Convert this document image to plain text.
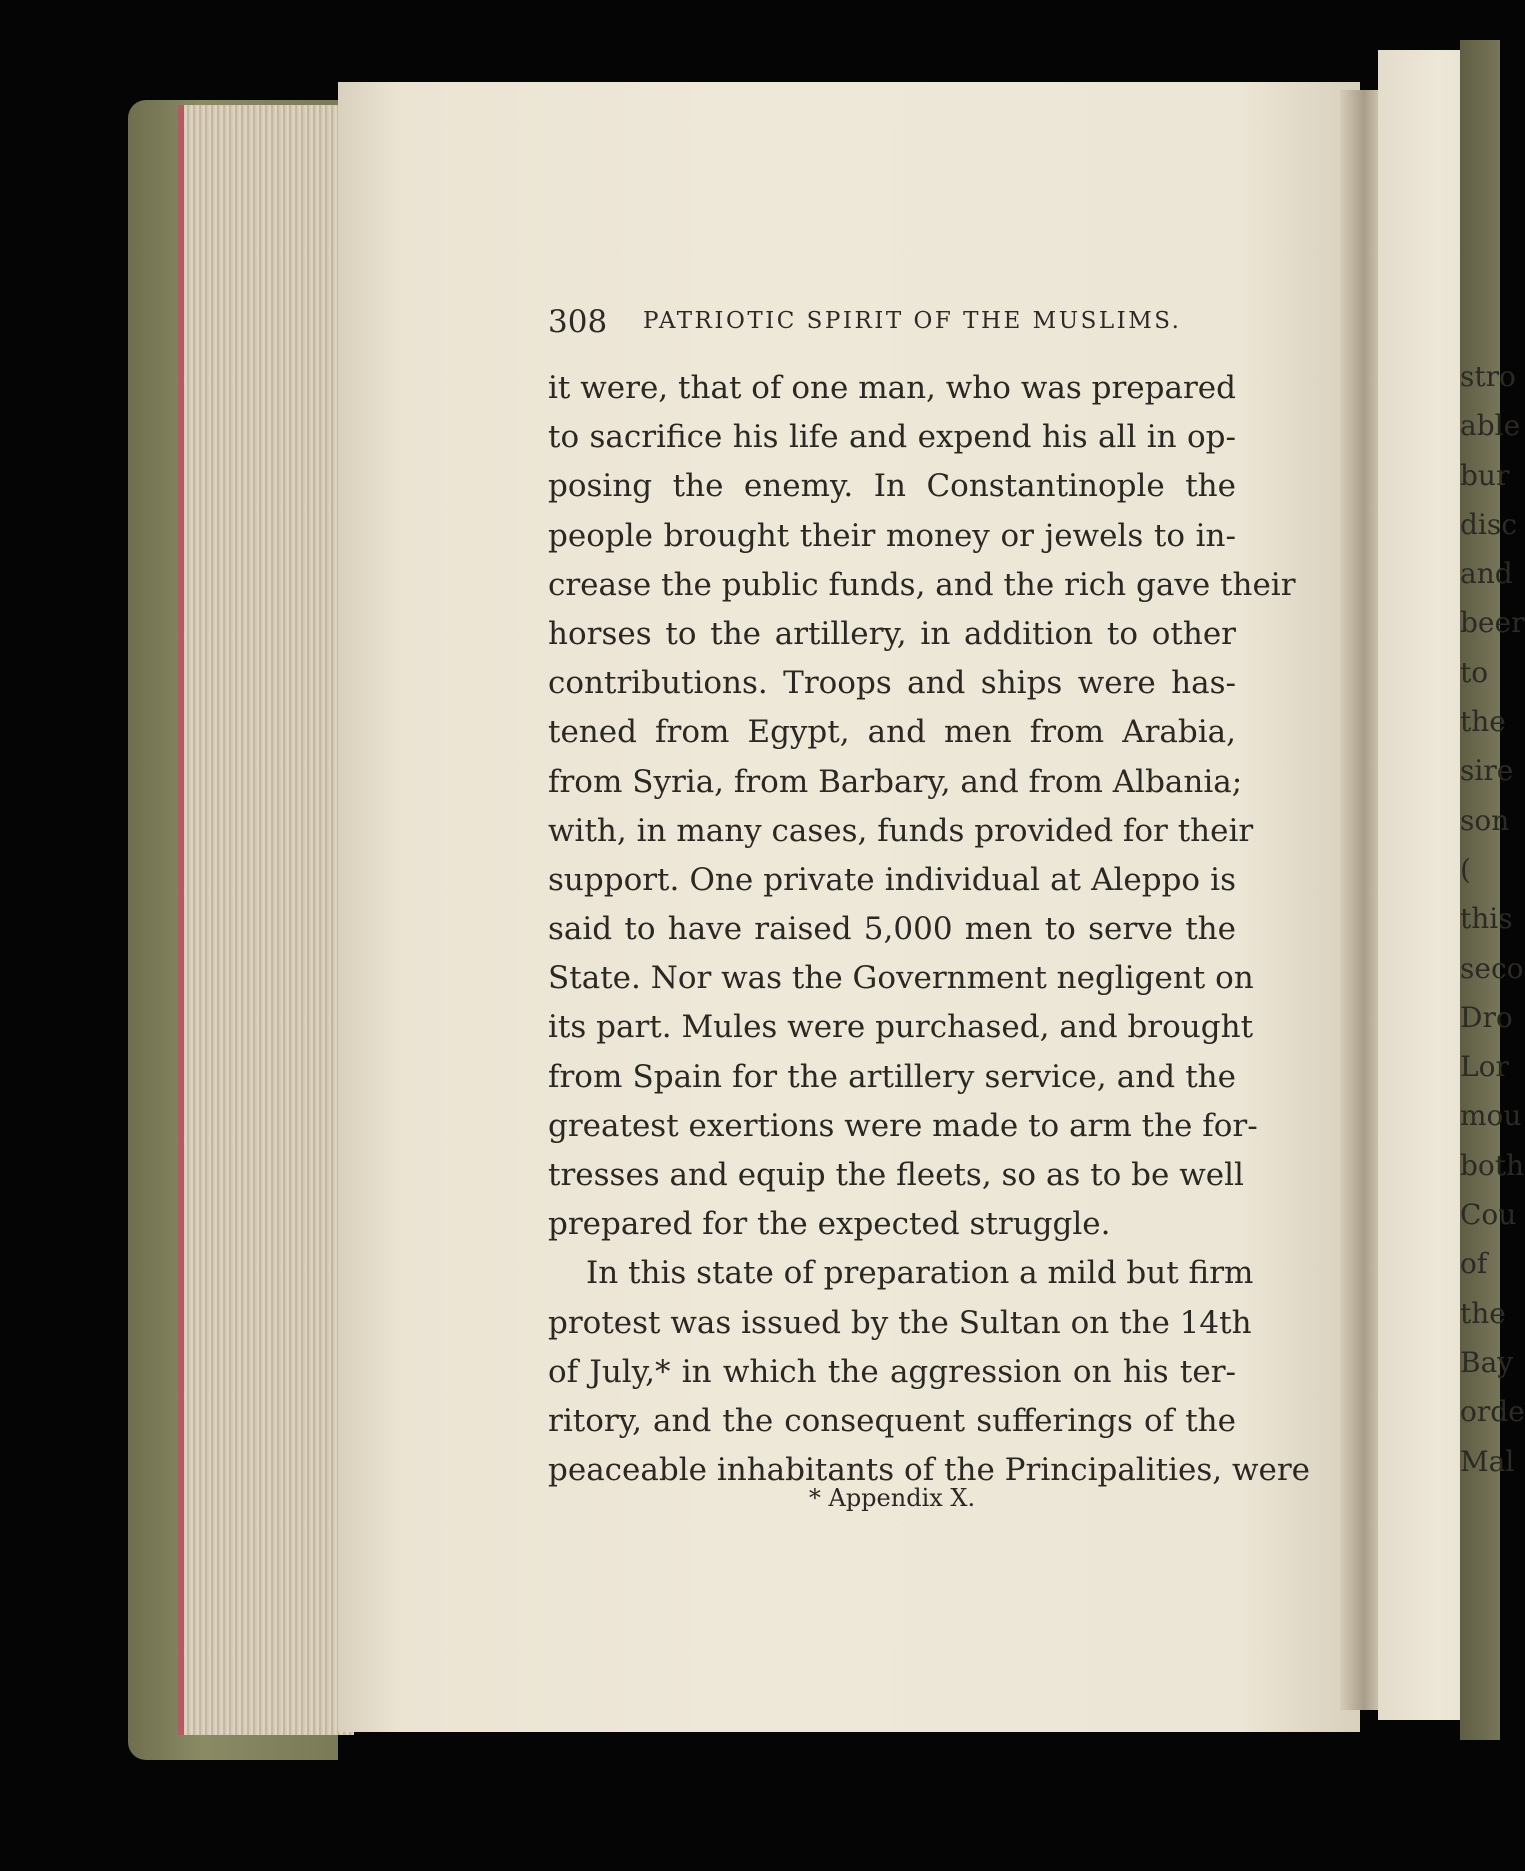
308 PATRIOTIC SPIRIT OF THE MUSLIMS.
it were, that of one man, who was prepared
to sacrifice his life and expend his all in op-
posing the enemy. In Constantinople the
people brought their money or jewels to in-
crease the public funds, and the rich gave their
horses to the artillery, in addition to other
contributions. Troops and ships were has-
tened from Egypt, and men from Arabia,
from Syria, from Barbary, and from Albania;
with, in many cases, funds provided for their
support. One private individual at Aleppo is
said to have raised 5,000 men to serve the
State. Nor was the Government negligent on
its part. Mules were purchased, and brought
from Spain for the artillery service, and the
greatest exertions were made to arm the for-
tresses and equip the fleets, so as to be well
prepared for the expected struggle.
In this state of preparation a mild but firm
protest was issued by the Sultan on the 14th
of July,* in which the aggression on his ter-
ritory, and the consequent sufferings of the
peaceable inhabitants of the Principalities, were
* Appendix X.
stro
able
bur
disc
and
beer
to
the
sire
son
(
this
seco
Dro
Lor
mou
both
Cou
of
the
Bay
orde
Mal
